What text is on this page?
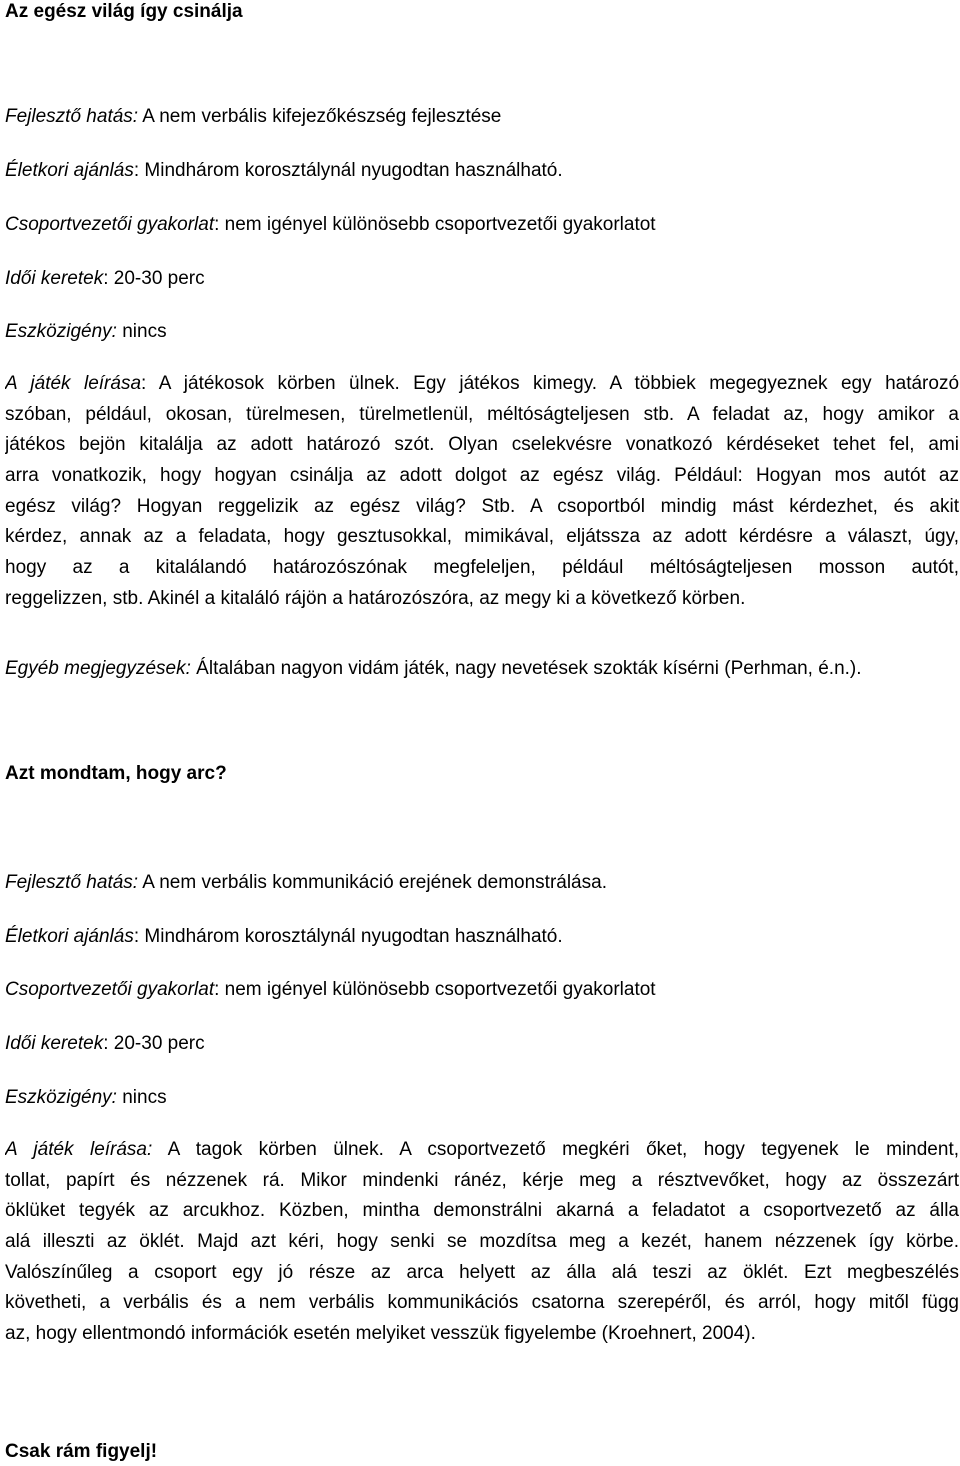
Az egész világ így csinálja
Fejlesztő hatás: A nem verbális kifejezőkészség fejlesztése
Életkori ajánlás: Mindhárom korosztálynál nyugodtan használható.
Csoportvezetői gyakorlat: nem igényel különösebb csoportvezetői gyakorlatot
Idői keretek: 20-30 perc
Eszközigény: nincs
A játék leírása: A játékosok körben ülnek. Egy játékos kimegy. A többiek megegyeznek egy határozó
szóban, például, okosan, türelmesen, türelmetlenül, méltóságteljesen stb. A feladat az, hogy amikor a
játékos bejön kitalálja az adott határozó szót. Olyan cselekvésre vonatkozó kérdéseket tehet fel, ami
arra vonatkozik, hogy hogyan csinálja az adott dolgot az egész világ. Például: Hogyan mos autót az
egész világ? Hogyan reggelizik az egész világ? Stb. A csoportból mindig mást kérdezhet, és akit
kérdez, annak az a feladata, hogy gesztusokkal, mimikával, eljátssza az adott kérdésre a választ, úgy,
hogy az a kitalálandó határozószónak megfeleljen, például méltóságteljesen mosson autót,
reggelizzen, stb. Akinél a kitaláló rájön a határozószóra, az megy ki a következő körben.
Egyéb megjegyzések: Általában nagyon vidám játék, nagy nevetések szokták kísérni (Perhman, é.n.).
Azt mondtam, hogy arc?
Fejlesztő hatás: A nem verbális kommunikáció erejének demonstrálása.
Életkori ajánlás: Mindhárom korosztálynál nyugodtan használható.
Csoportvezetői gyakorlat: nem igényel különösebb csoportvezetői gyakorlatot
Idői keretek: 20-30 perc
Eszközigény: nincs
A játék leírása: A tagok körben ülnek. A csoportvezető megkéri őket, hogy tegyenek le mindent,
tollat, papírt és nézzenek rá. Mikor mindenki ránéz, kérje meg a résztvevőket, hogy az összezárt
öklüket tegyék az arcukhoz. Közben, mintha demonstrálni akarná a feladatot a csoportvezető az álla
alá illeszti az öklét. Majd azt kéri, hogy senki se mozdítsa meg a kezét, hanem nézzenek így körbe.
Valószínűleg a csoport egy jó része az arca helyett az álla alá teszi az öklét. Ezt megbeszélés
követheti, a verbális és a nem verbális kommunikációs csatorna szerepéről, és arról, hogy mitől függ
az, hogy ellentmondó információk esetén melyiket vesszük figyelembe (Kroehnert, 2004).
Csak rám figyelj!
